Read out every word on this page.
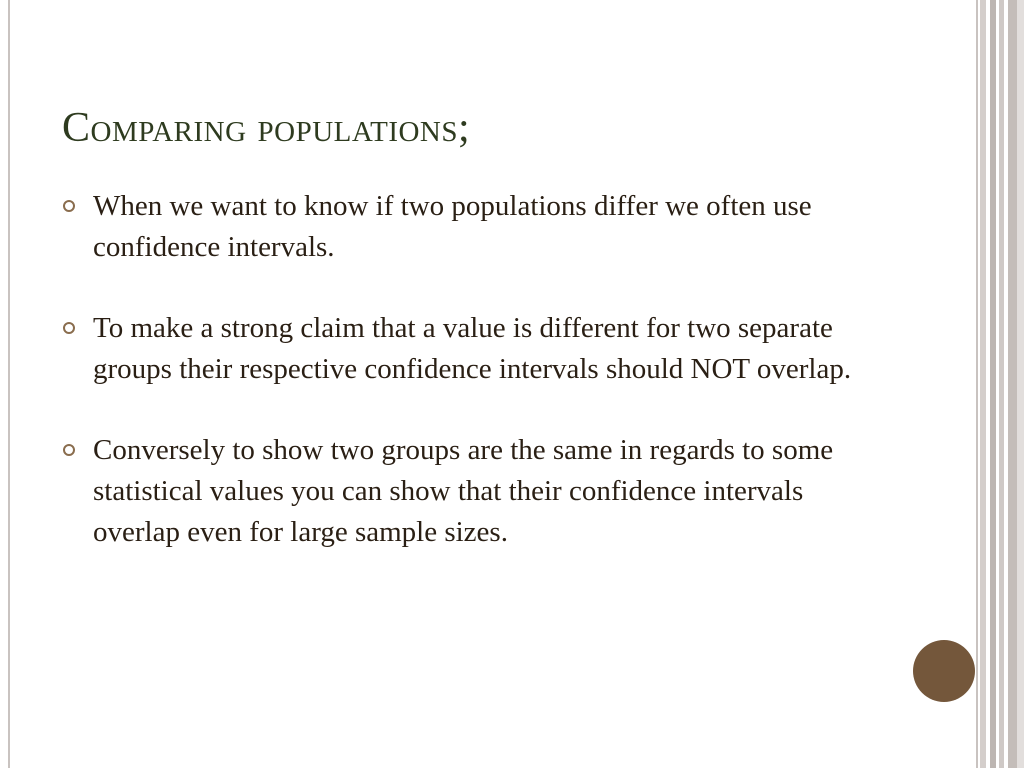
Comparing populations;
When we want to know if two populations differ we often use confidence intervals.
To make a strong claim that a value is different for two separate groups their respective confidence intervals should NOT overlap.
Conversely to show two groups are the same in regards to some statistical values you can show that their confidence intervals overlap even for large sample sizes.
